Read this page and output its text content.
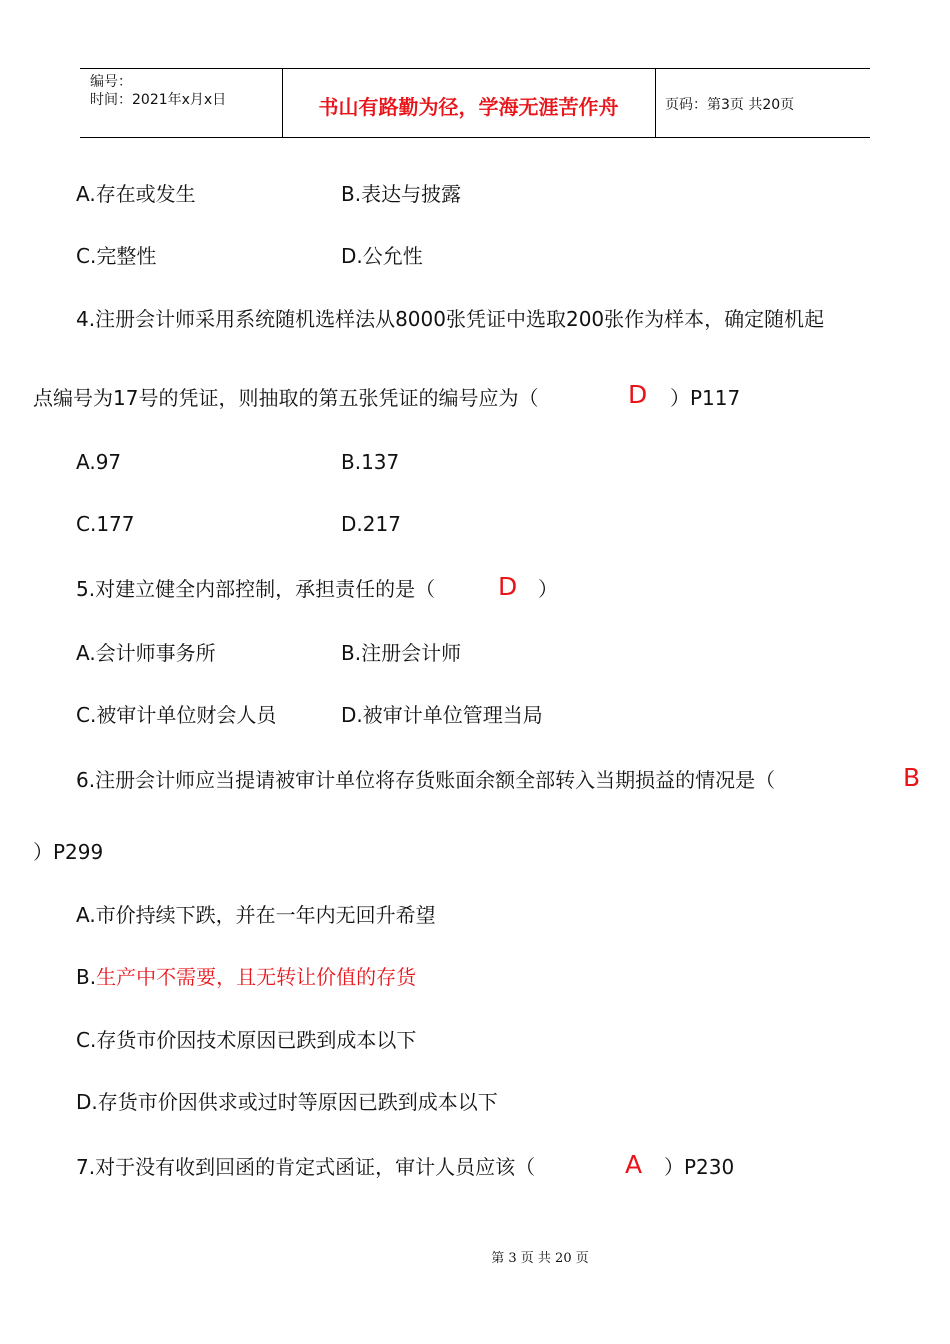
编号：
时间：2021年x月x日	书山有路勤为径，学海无涯苦作舟	页码：第3页 共20页
A.存在或发生	B.表达与披露
C.完整性	D.公允性
4.注册会计师采用系统随机选样法从8000张凭证中选取200张作为样本，确定随机起
点编号为17号的凭证，则抽取的第五张凭证的编号应为（	D ）P117
A.97	B.137
C.177	D.217
5.对建立健全内部控制，承担责任的是（	D ）
A.会计师事务所	B.注册会计师
C.被审计单位财会人员	D.被审计单位管理当局
6.注册会计师应当提请被审计单位将存货账面余额全部转入当期损益的情况是（	B
）P299
A.市价持续下跌，并在一年内无回升希望
B.生产中不需要，且无转让价值的存货
C.存货市价因技术原因已跌到成本以下
D.存货市价因供求或过时等原因已跌到成本以下
7.对于没有收到回函的肯定式函证，审计人员应该（	A ）P230
第 3 页 共 20 页
